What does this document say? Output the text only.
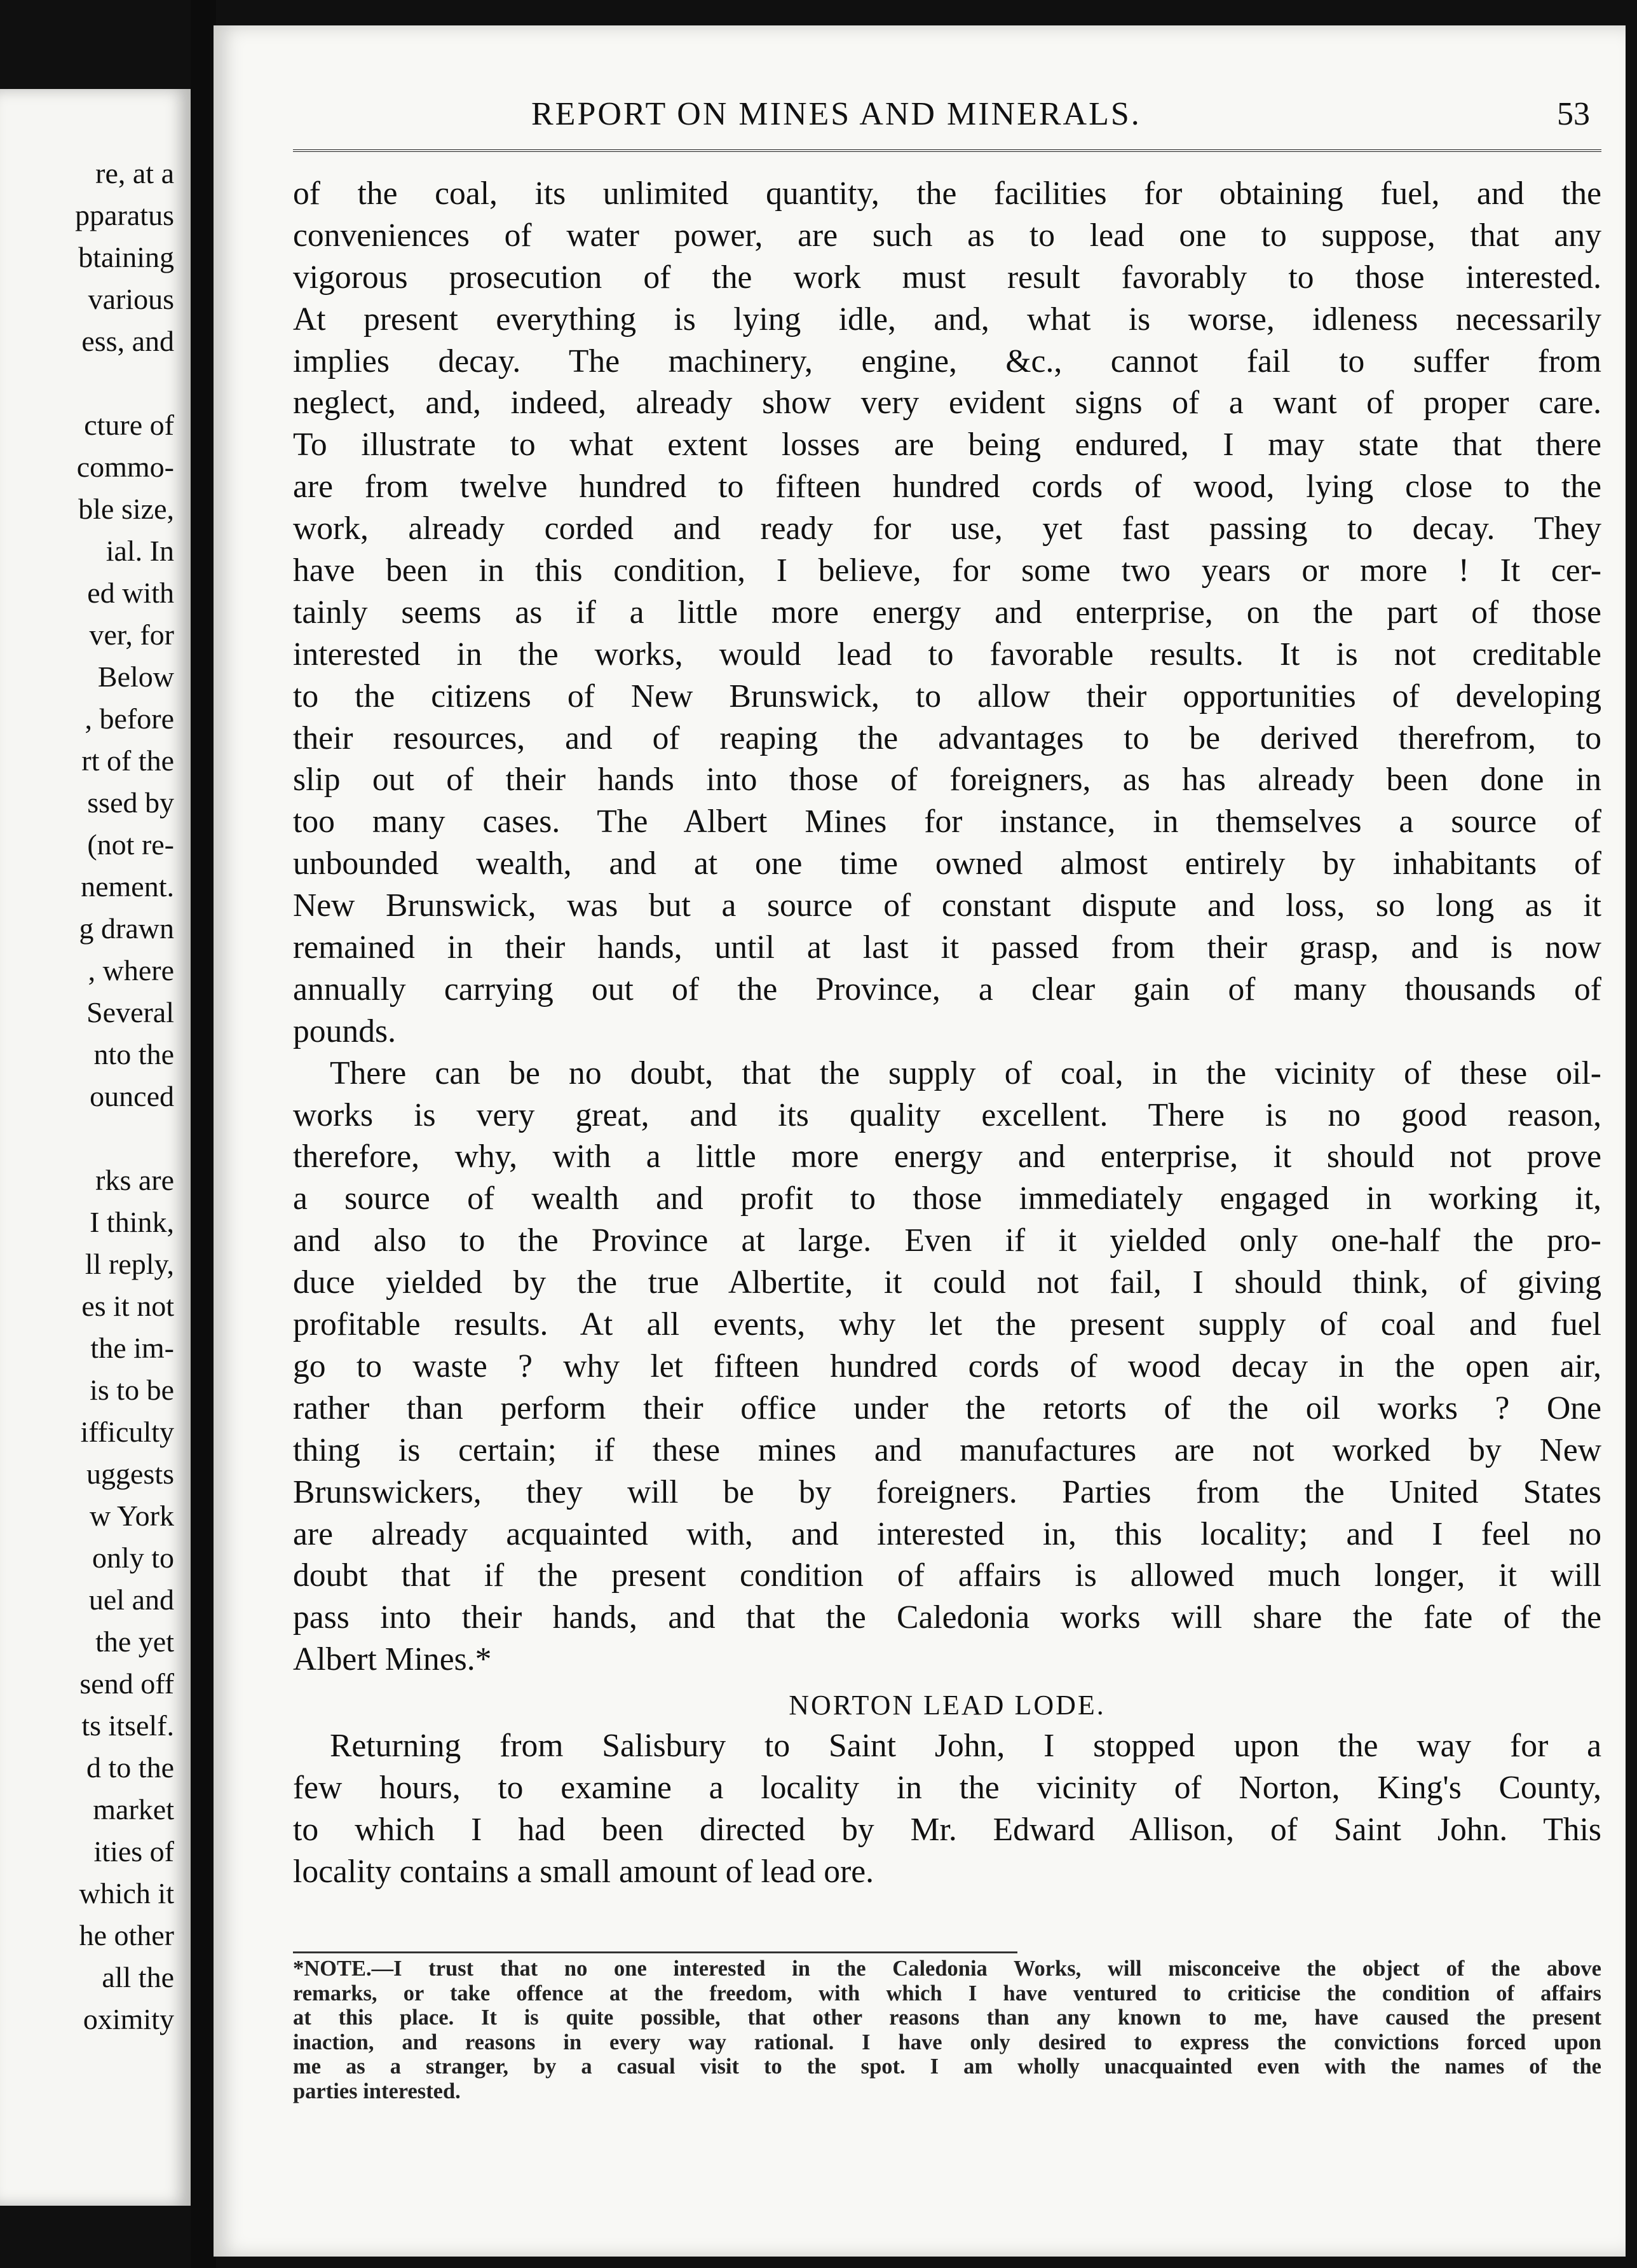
re, at a
pparatus
btaining
various
ess, and
cture of
commo-
ble size,
ial. In
ed with
ver, for
Below
, before
rt of the
ssed by
(not re-
nement.
g drawn
, where
Several
nto the
ounced
rks are
I think,
ll reply,
es it not
the im-
is to be
ifficulty
uggests
w York
only to
uel and
the yet
send off
ts itself.
d to the
market
ities of
which it
he other
all the
oximity
REPORT ON MINES AND MINERALS.	53
of the coal, its unlimited quantity, the facilities for obtaining fuel, and the
conveniences of water power, are such as to lead one to suppose, that any
vigorous prosecution of the work must result favorably to those interested.
At present everything is lying idle, and, what is worse, idleness necessarily
implies decay. The machinery, engine, &c., cannot fail to suffer from
neglect, and, indeed, already show very evident signs of a want of proper care.
To illustrate to what extent losses are being endured, I may state that there
are from twelve hundred to fifteen hundred cords of wood, lying close to the
work, already corded and ready for use, yet fast passing to decay. They
have been in this condition, I believe, for some two years or more ! It cer-
tainly seems as if a little more energy and enterprise, on the part of those
interested in the works, would lead to favorable results. It is not creditable
to the citizens of New Brunswick, to allow their opportunities of developing
their resources, and of reaping the advantages to be derived therefrom, to
slip out of their hands into those of foreigners, as has already been done in
too many cases. The Albert Mines for instance, in themselves a source of
unbounded wealth, and at one time owned almost entirely by inhabitants of
New Brunswick, was but a source of constant dispute and loss, so long as it
remained in their hands, until at last it passed from their grasp, and is now
annually carrying out of the Province, a clear gain of many thousands of
pounds.
There can be no doubt, that the supply of coal, in the vicinity of these oil-
works is very great, and its quality excellent. There is no good reason,
therefore, why, with a little more energy and enterprise, it should not prove
a source of wealth and profit to those immediately engaged in working it,
and also to the Province at large. Even if it yielded only one-half the pro-
duce yielded by the true Albertite, it could not fail, I should think, of giving
profitable results. At all events, why let the present supply of coal and fuel
go to waste ? why let fifteen hundred cords of wood decay in the open air,
rather than perform their office under the retorts of the oil works ? One
thing is certain; if these mines and manufactures are not worked by New
Brunswickers, they will be by foreigners. Parties from the United States
are already acquainted with, and interested in, this locality; and I feel no
doubt that if the present condition of affairs is allowed much longer, it will
pass into their hands, and that the Caledonia works will share the fate of the
Albert Mines.*
NORTON LEAD LODE.
Returning from Salisbury to Saint John, I stopped upon the way for a
few hours, to examine a locality in the vicinity of Norton, King's County,
to which I had been directed by Mr. Edward Allison, of Saint John. This
locality contains a small amount of lead ore.
*NOTE.—I trust that no one interested in the Caledonia Works, will misconceive the object of the above
remarks, or take offence at the freedom, with which I have ventured to criticise the condition of affairs
at this place. It is quite possible, that other reasons than any known to me, have caused the present
inaction, and reasons in every way rational. I have only desired to express the convictions forced upon
me as a stranger, by a casual visit to the spot. I am wholly unacquainted even with the names of the
parties interested.
